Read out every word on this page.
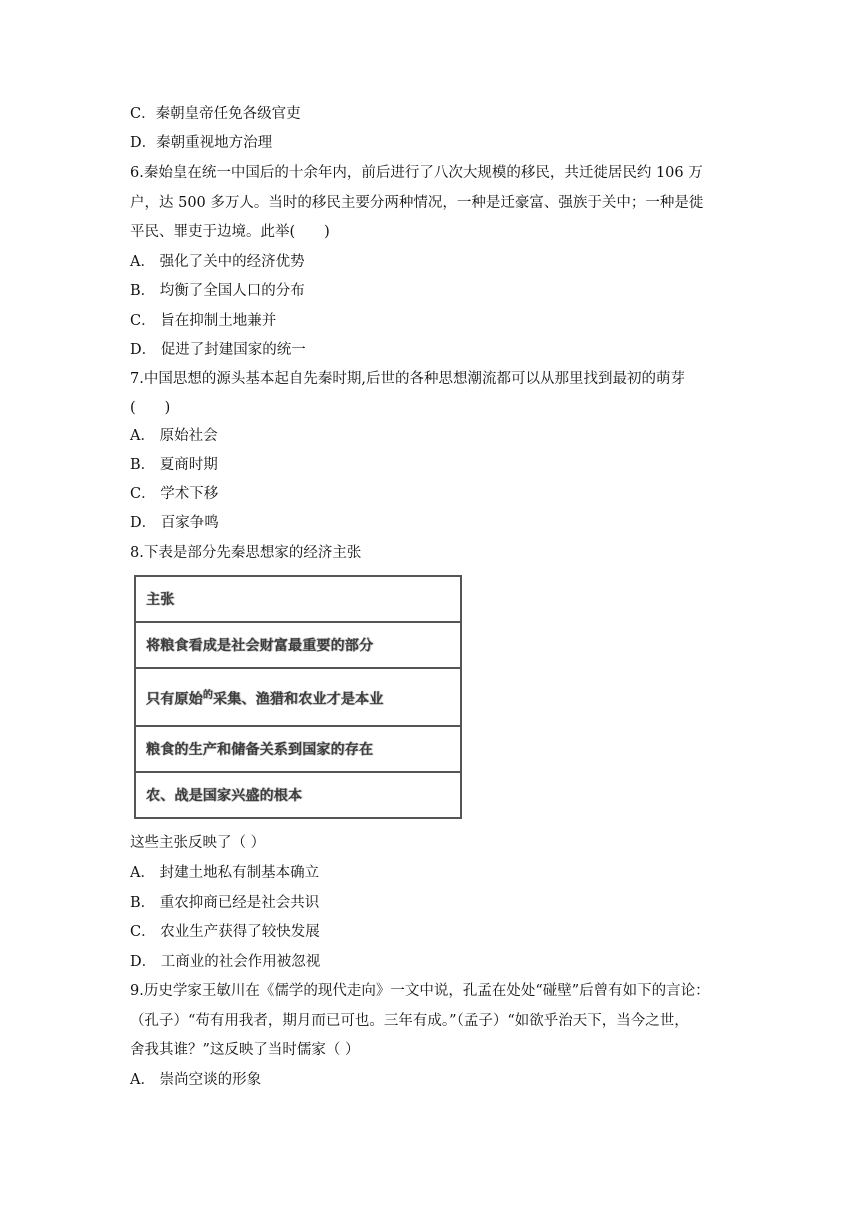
C．秦朝皇帝任免各级官吏
D．秦朝重视地方治理
6.秦始皇在统一中国后的十余年内，前后进行了八次大规模的移民，共迁徙居民约 106 万
户，达 500 多万人。当时的移民主要分两种情况，一种是迁豪富、强族于关中；一种是徙
平民、罪吏于边境。此举(　　)
A． 强化了关中的经济优势
B． 均衡了全国人口的分布
C． 旨在抑制土地兼并
D． 促进了封建国家的统一
7.中国思想的源头基本起自先秦时期,后世的各种思想潮流都可以从那里找到最初的萌芽
(　　)
A． 原始社会
B． 夏商时期
C． 学术下移
D． 百家争鸣
8.下表是部分先秦思想家的经济主张
主张
将粮食看成是社会财富最重要的部分
只有原始$^的$采集、渔猎和农业才是本业
粮食的生产和储备关系到国家的存在
农、战是国家兴盛的根本
这些主张反映了（ ）
A． 封建土地私有制基本确立
B． 重农抑商已经是社会共识
C． 农业生产获得了较快发展
D． 工商业的社会作用被忽视
9.历史学家王敏川在《儒学的现代走向》一文中说，孔孟在处处“碰壁”后曾有如下的言论：
（孔子）“苟有用我者，期月而已可也。三年有成。”（孟子）“如欲乎治天下，当今之世，
舍我其谁？”这反映了当时儒家（ ）
A． 崇尚空谈的形象
